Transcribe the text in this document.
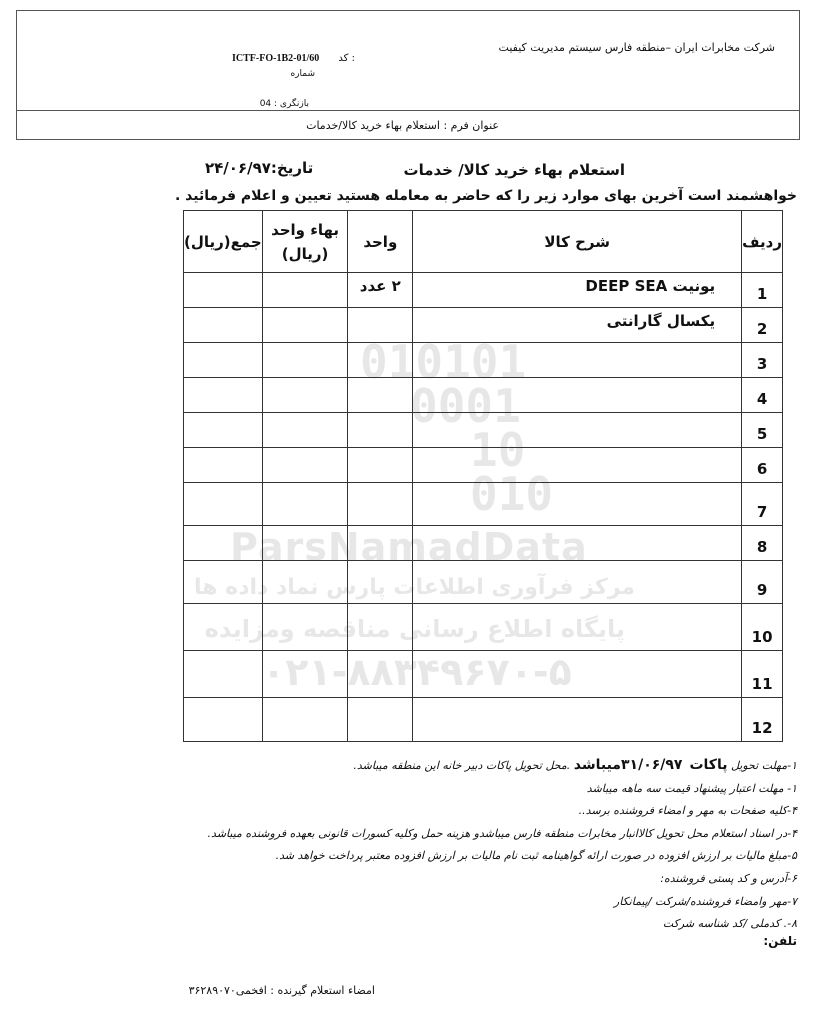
شرکت مخابرات ایران –منطقه فارس سیستم مدیریت کیفیت
ICTF-FO-1B2-01/60 کد :
شماره
بازنگری : 04
عنوان فرم : استعلام بهاء خرید کالا/خدمات
استعلام بهاء خرید کالا/ خدمات
تاریخ:۲۴/۰۶/۹۷
خواهشمند است آخرین بهای موارد زیر را که حاضر به معامله هستید تعیین و اعلام فرمائید .
010101
0001
10
010
ParsNamadData
مرکز فرآوری اطلاعات پارس نماد داده ها
پایگاه اطلاع رسانی مناقصه ومزایده
۰۲۱-۸۸۳۴۹۶۷۰-۵
ردیف	شرح کالا	واحد	بهاء واحد (ریال)	جمع(ریال)
1	یونیت DEEP SEA	۲ عدد		
2	یکسال گارانتی			
3				
4				
5				
6				
7				
8				
9				
10				
11				
12				
۱-مهلت تحویل پاکات  ۳۱/۰۶/۹۷میباشد .محل تحویل پاکات دبیر خانه این منطقه میباشد.
۱- مهلت اعتبار پیشنهاد قیمت سه ماهه میباشد
۴-کلیه صفحات به مهر و امضاء فروشنده برسد..
۴-در اسناد استعلام محل تحویل کالاانبار مخابرات منطقه فارس میباشدو هزینه حمل وکلیه کسورات قانونی بعهده فروشنده میباشد.
۵-مبلغ مالیات بر ارزش افزوده در صورت ارائه گواهینامه ثبت نام مالیات بر ارزش افزوده معتبر پرداخت خواهد شد.
۶-آدرس و کد پستی فروشنده:
۷-مهر وامضاء فروشنده/شرکت /پیمانکار
۸-. کدملی /کد شناسه شرکت
تلفن:
امضاء استعلام گیرنده : افخمی۳۶۲۸۹۰۷۰
